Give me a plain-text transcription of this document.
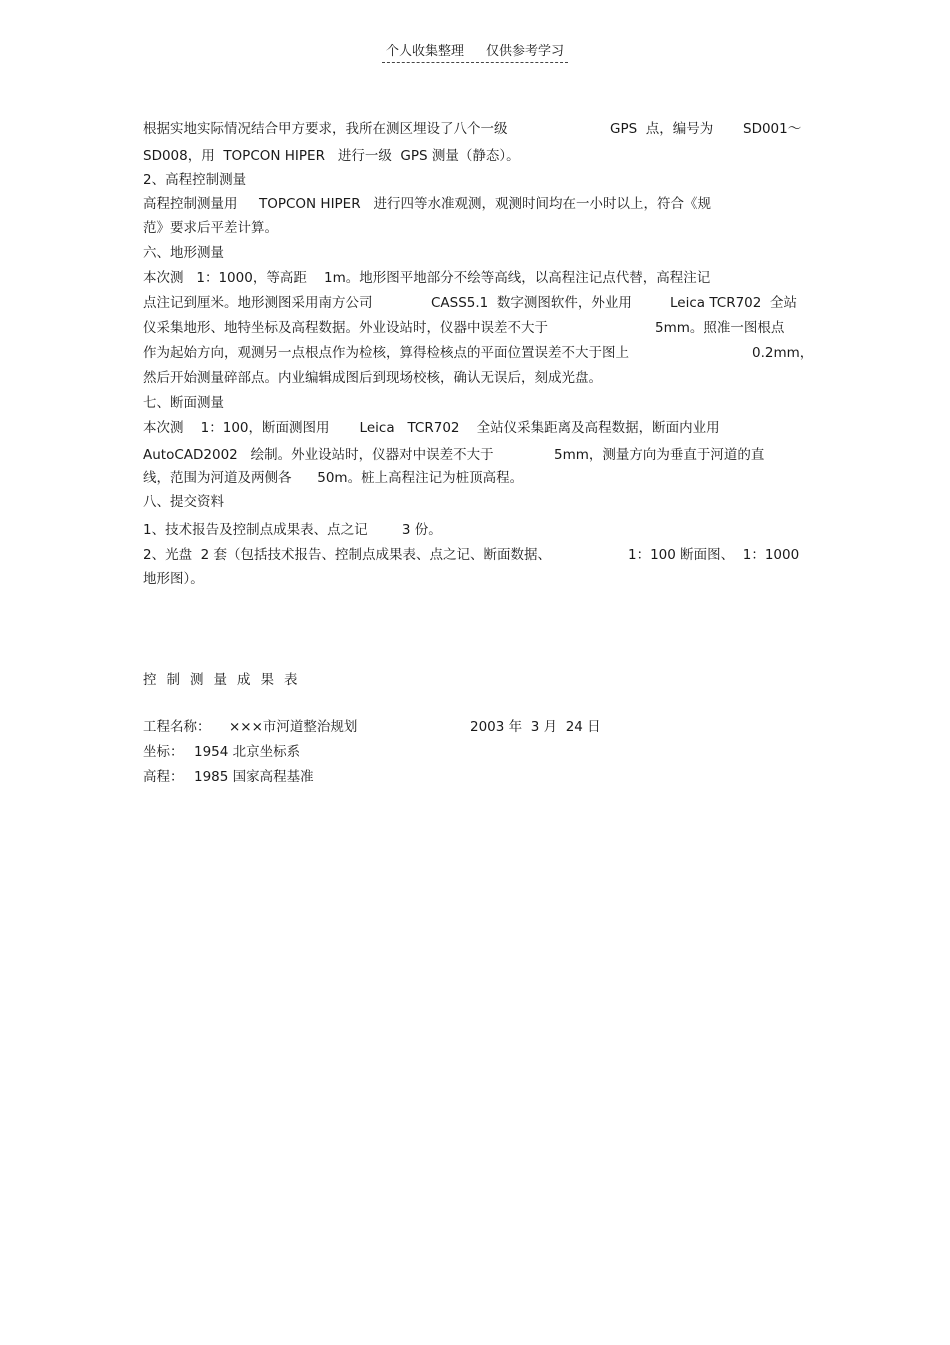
个人收集整理 仅供参考学习
根据实地实际情况结合甲方要求，我所在测区埋设了八个一级	GPS  点，编号为 SD001～
SD008，用  TOPCON HIPER   进行一级  GPS 测量（静态）。
2、高程控制测量
高程控制测量用     TOPCON HIPER   进行四等水准观测，观测时间均在一小时以上，符合《规
范》要求后平差计算。
六、地形测量
本次测   1：1000，等高距    1m。地形图平地部分不绘等高线，以高程注记点代替，高程注记
点注记到厘米。地形测图采用南方公司	CASS5.1  数字测图软件，外业用	Leica TCR702  全站
仪采集地形、地特坐标及高程数据。外业设站时，仪器中误差不大于	5mm。照准一图根点
作为起始方向，观测另一点根点作为检核，算得检核点的平面位置误差不大于图上	0.2mm，
然后开始测量碎部点。内业编辑成图后到现场校核，确认无误后，刻成光盘。
七、断面测量
本次测    1：100，断面测图用       Leica   TCR702    全站仪采集距离及高程数据，断面内业用
AutoCAD2002   绘制。外业设站时，仪器对中误差不大于	5mm，测量方向为垂直于河道的直
线，范围为河道及两侧各      50m。桩上高程注记为桩顶高程。
八、提交资料
1、技术报告及控制点成果表、点之记        3 份。
2、光盘  2 套（包括技术报告、控制点成果表、点之记、断面数据、	1：100 断面图、  1：1000
地形图）。
控制测量成果表
工程名称： ×××市河道整治规划	2003 年  3 月  24 日
坐标： 1954 北京坐标系
高程： 1985 国家高程基准
